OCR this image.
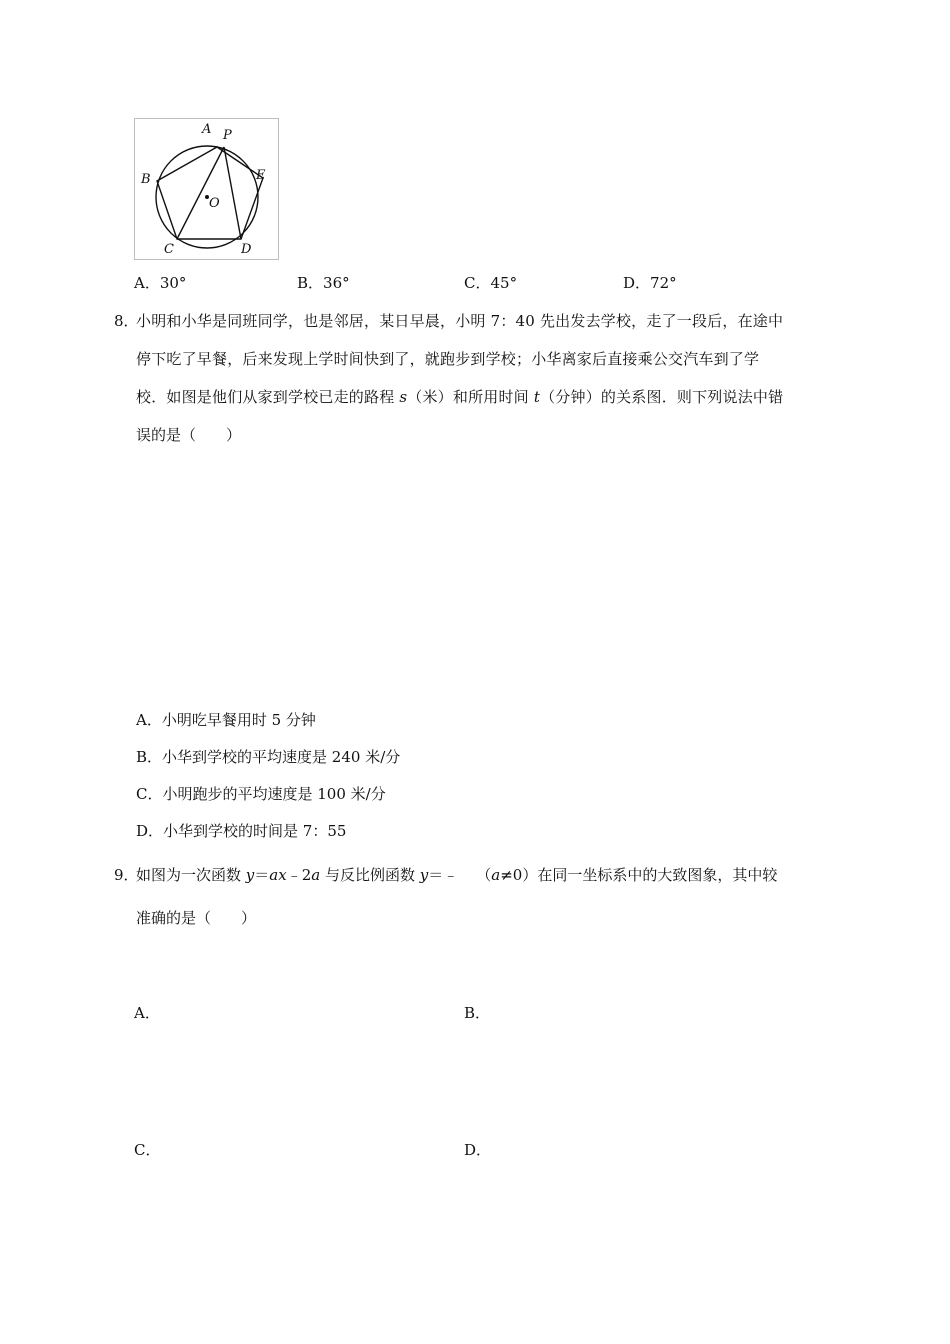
A P
B	E
O
C	D
A．30°	B．36°	C．45°	D．72°
8．
小明和小华是同班同学，也是邻居，某日早晨，小明 7：40 先出发去学校，走了一段后，在途中
停下吃了早餐，后来发现上学时间快到了，就跑步到学校；小华离家后直接乘公交汽车到了学
校．如图是他们从家到学校已走的路程 s（米）和所用时间 t（分钟）的关系图．则下列说法中错
误的是（　　）
A．小明吃早餐用时 5 分钟
B．小华到学校的平均速度是 240 米/分
C．小明跑步的平均速度是 100 米/分
D．小华到学校的时间是 7：55
9．
如图为一次函数 y＝ax﹣2a 与反比例函数 y＝﹣ （a≠0）在同一坐标系中的大致图象，其中较
准确的是（　　）
A．	B．
C．	D．
